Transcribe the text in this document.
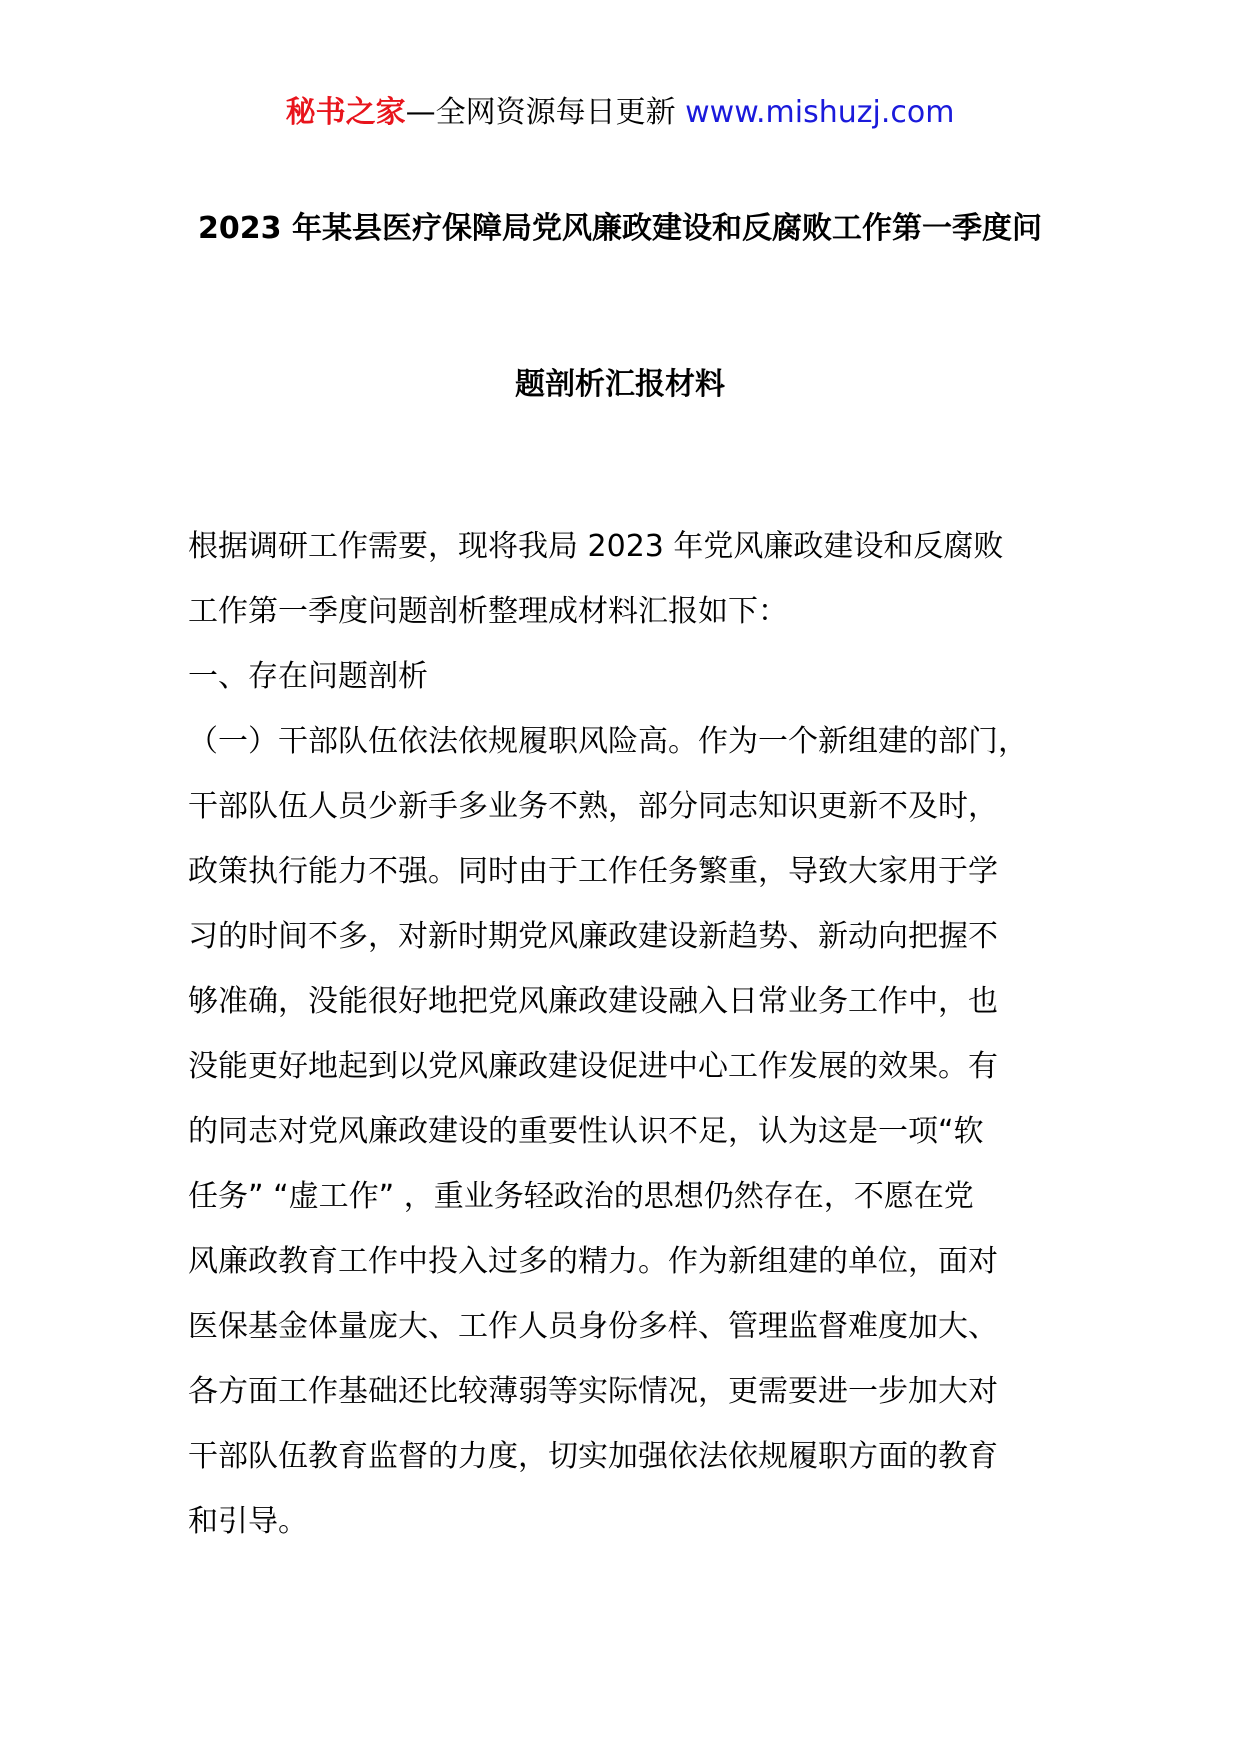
秘书之家—全网资源每日更新 www.mishuzj.com
2023 年某县医疗保障局党风廉政建设和反腐败工作第一季度问
题剖析汇报材料
根据调研工作需要，现将我局 2023 年党风廉政建设和反腐败
工作第一季度问题剖析整理成材料汇报如下：
一、存在问题剖析
（一）干部队伍依法依规履职风险高。作为一个新组建的部门，
干部队伍人员少新手多业务不熟，部分同志知识更新不及时，
政策执行能力不强。同时由于工作任务繁重，导致大家用于学
习的时间不多，对新时期党风廉政建设新趋势、新动向把握不
够准确，没能很好地把党风廉政建设融入日常业务工作中，也
没能更好地起到以党风廉政建设促进中心工作发展的效果。有
的同志对党风廉政建设的重要性认识不足，认为这是一项“软
任务” “虚工作” ，重业务轻政治的思想仍然存在，不愿在党
风廉政教育工作中投入过多的精力。作为新组建的单位，面对
医保基金体量庞大、工作人员身份多样、管理监督难度加大、
各方面工作基础还比较薄弱等实际情况，更需要进一步加大对
干部队伍教育监督的力度，切实加强依法依规履职方面的教育
和引导。
